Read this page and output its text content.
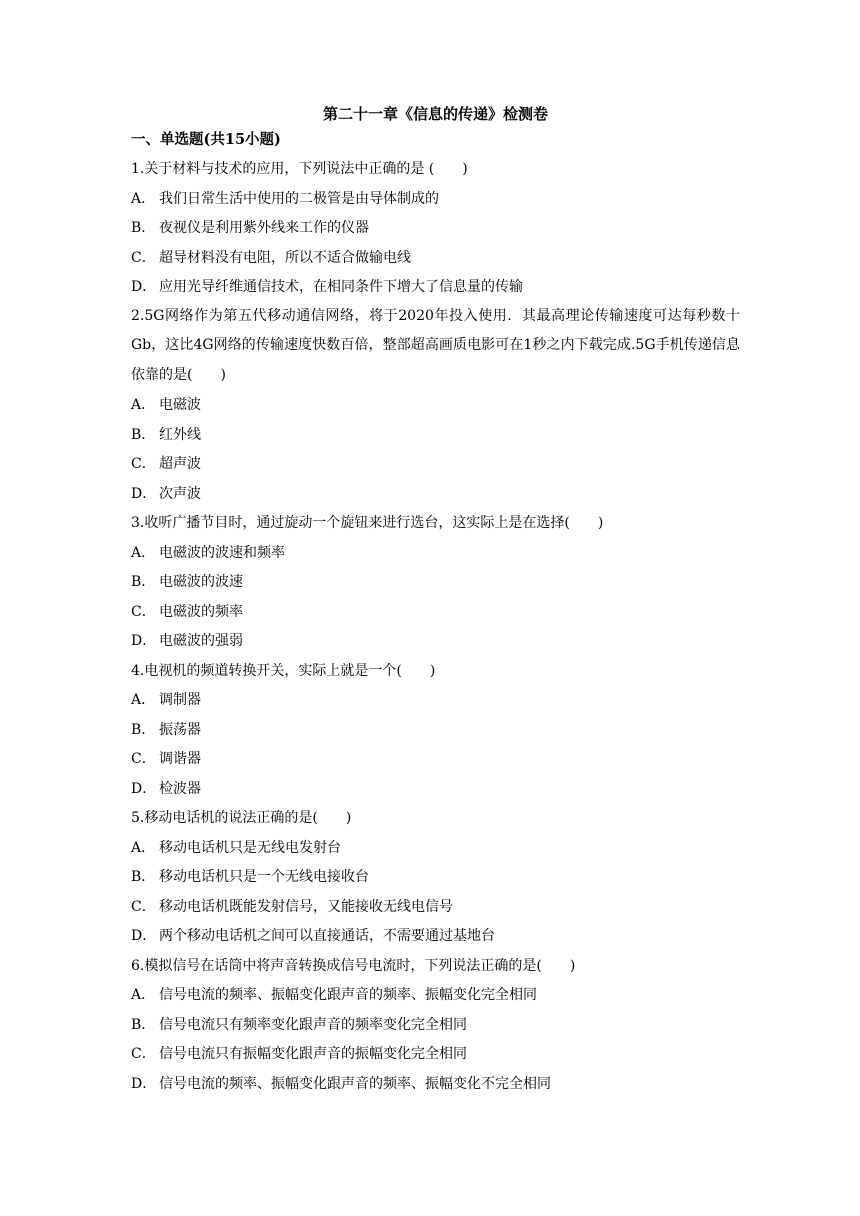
第二十一章《信息的传递》检测卷
一、单选题(共15小题)
1.关于材料与技术的应用，下列说法中正确的是 (　　)
A． 我们日常生活中使用的二极管是由导体制成的
B． 夜视仪是利用紫外线来工作的仪器
C． 超导材料没有电阻，所以不适合做输电线
D． 应用光导纤维通信技术，在相同条件下增大了信息量的传输
2.5G网络作为第五代移动通信网络，将于2020年投入使用．其最高理论传输速度可达每秒数十Gb，这比4G网络的传输速度快数百倍，整部超高画质电影可在1秒之内下载完成.5G手机传递信息依靠的是(　　)
A． 电磁波
B． 红外线
C． 超声波
D． 次声波
3.收听广播节目时，通过旋动一个旋钮来进行选台，这实际上是在选择(　　)
A． 电磁波的波速和频率
B． 电磁波的波速
C． 电磁波的频率
D． 电磁波的强弱
4.电视机的频道转换开关，实际上就是一个(　　)
A． 调制器
B． 振荡器
C． 调谐器
D． 检波器
5.移动电话机的说法正确的是(　　)
A． 移动电话机只是无线电发射台
B． 移动电话机只是一个无线电接收台
C． 移动电话机既能发射信号，又能接收无线电信号
D． 两个移动电话机之间可以直接通话，不需要通过基地台
6.模拟信号在话筒中将声音转换成信号电流时，下列说法正确的是(　　)
A． 信号电流的频率、振幅变化跟声音的频率、振幅变化完全相同
B． 信号电流只有频率变化跟声音的频率变化完全相同
C． 信号电流只有振幅变化跟声音的振幅变化完全相同
D． 信号电流的频率、振幅变化跟声音的频率、振幅变化不完全相同
